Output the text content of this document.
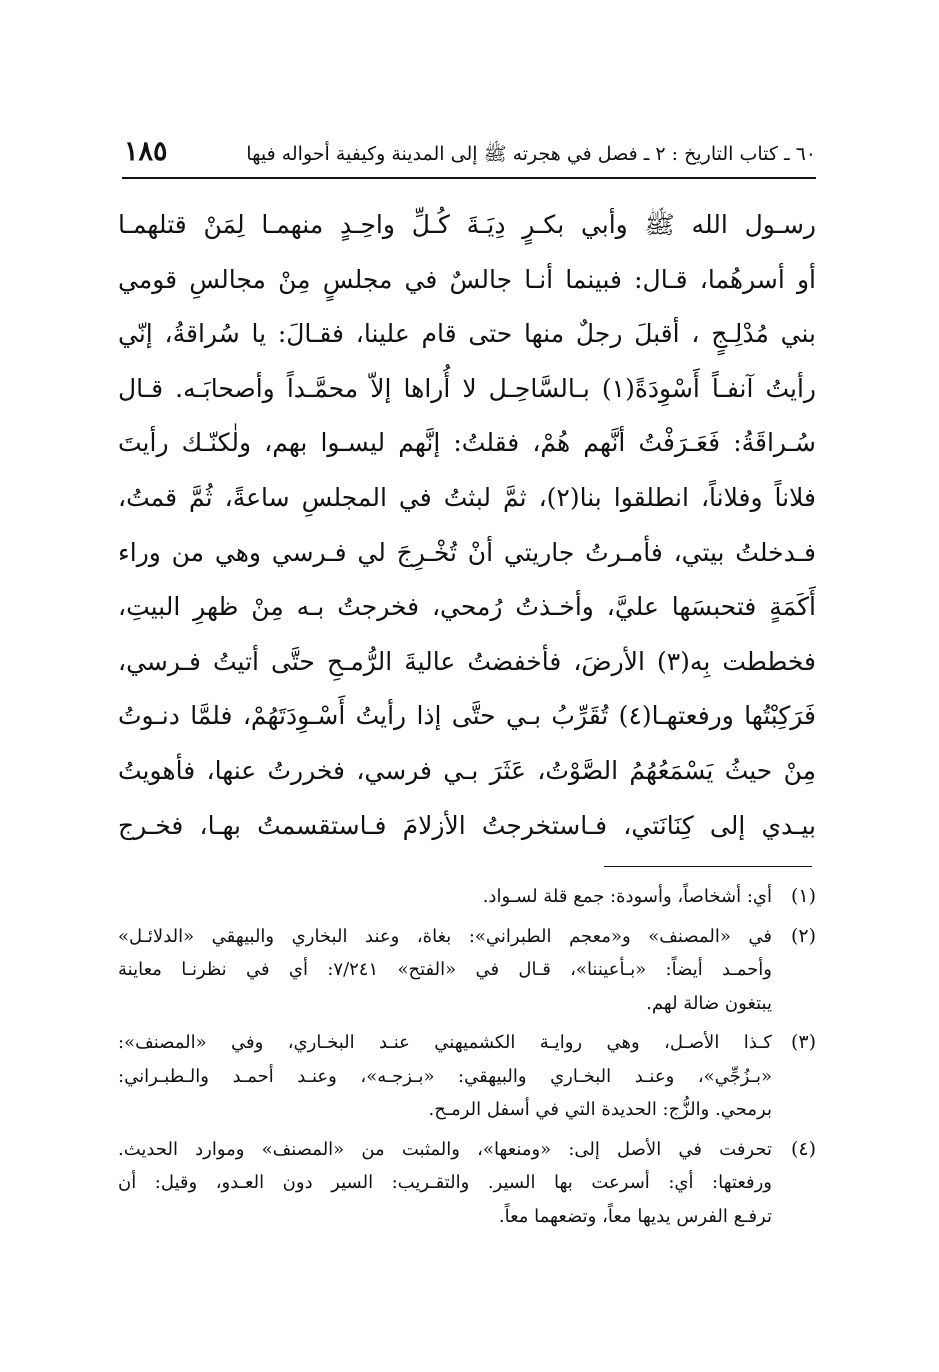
٦٠ ـ كتاب التاريخ : ٢ ـ فصل في هجرته ﷺ إلى المدينة وكيفية أحواله فيها
١٨٥
رسـول الله ﷺ وأبي بكـرٍ دِيَـةَ كُـلِّ واحِـدٍ منهمـا لِمَنْ قتلهمـا
أو أسرهُما، قـال: فبينما أنـا جالسٌ في مجلسٍ مِنْ مجالسِ قومي
بني مُدْلِـجٍ ، أقبلَ رجلٌ منها حتى قام علينا، فقـالَ: يا سُراقةُ، إنّي
رأيتُ آنفـاً أَسْوِدَةً(١) بـالسَّاحِـل لا أُراها إلاّ محمَّـداً وأصحابَـه. قـال
سُـراقَةُ: فَعَـرَفْتُ أنَّهم هُمْ، فقلتُ: إنَّهم ليسـوا بهم، ولٰكنّـك رأيتَ
فلاناً وفلاناً، انطلقوا بنا(٢)، ثمَّ لبثتُ في المجلسِ ساعةً، ثُمَّ قمتُ،
فـدخلتُ بيتي، فأمـرتُ جاريتي أنْ تُخْـرِجَ لي فـرسي وهي من وراء
أَكَمَةٍ فتحبسَها عليَّ، وأخـذتُ رُمحي، فخرجتُ بـه مِنْ ظهرِ البيتِ،
فخططت بِه(٣) الأرضَ، فأخفضتُ عاليةَ الرُّمـحِ حتَّى أتيتُ فـرسي،
فَرَكِبْتُها ورفعتهـا(٤) تُقَرِّبُ بـي حتَّى إذا رأيتُ أَسْـوِدَتَهُمْ، فلمَّا دنـوتُ
مِنْ حيثُ يَسْمَعُهُمُ الصَّوْتُ، عَثَرَ بـي فرسي، فخررتُ عنها، فأهويتُ
بيـدي إلى كِنَانَتي، فـاستخرجتُ الأزلامَ فـاستقسمتُ بهـا، فخـرج
(١)
أي: أشخاصاً، وأسودة: جمع قلة لسـواد.
(٢)
في «المصنف» و«معجم الطبراني»: بغاة، وعند البخاري والبيهقي «الدلائـل»
وأحمـد أيضاً: «بـأعيننا»، قـال في «الفتح» ٧/٢٤١: أي في نظرنـا معاينة
يبتغون ضالة لهم.
(٣)
كـذا الأصـل، وهي روايـة الكشميهني عنـد البخـاري، وفي «المصنف»:
«بـزُجِّي»، وعنـد البخـاري والبيهقي: «بـزجـه»، وعنـد أحمـد والـطبـراني:
برمحي. والزُّج: الحديدة التي في أسفل الرمـح.
(٤)
تحرفت في الأصل إلى: «ومنعها»، والمثبت من «المصنف» وموارد الحديث.
ورفعتها: أي: أسرعت بها السير. والتقـريب: السير دون العـدو، وقيل: أن
ترفـع الفرس يديها معاً، وتضعهما معاً.
